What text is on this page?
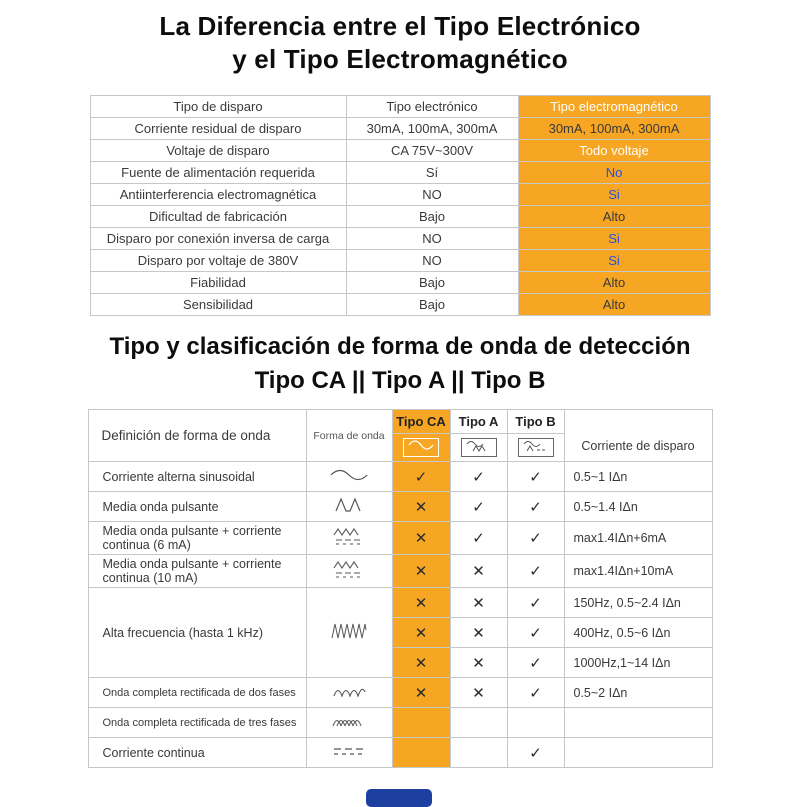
La Diferencia entre el Tipo Electrónico
y el Tipo Electromagnético
Tipo de disparo	Tipo electrónico	Tipo electromagnético
Corriente residual de disparo	30mA, 100mA, 300mA	30mA, 100mA, 300mA
Voltaje de disparo	CA 75V~300V	Todo voltaje
Fuente de alimentación requerida	Sí	No
Antiinterferencia electromagnética	NO	Si
Dificultad de fabricación	Bajo	Alto
Disparo por conexión inversa de carga	NO	Si
Disparo por voltaje de 380V	NO	Si
Fiabilidad	Bajo	Alto
Sensibilidad	Bajo	Alto
Tipo y clasificación de forma de onda de detección
Tipo CA || Tipo A || Tipo B
Definición de forma de onda	Forma de onda	Tipo CA	Tipo A	Tipo B	Corriente de disparo

Corriente alterna sinusoidal		✓	✓	✓	0.5~1 IΔn
Media onda pulsante		✕	✓	✓	0.5~1.4 IΔn
Media onda pulsante + corriente continua (6 mA)		✕	✓	✓	max1.4IΔn+6mA
Media onda pulsante + corriente continua (10 mA)		✕	✕	✓	max1.4IΔn+10mA
Alta frecuencia (hasta 1 kHz)		✕	✕	✓	150Hz, 0.5~2.4 IΔn
		✕	✕	✓	400Hz, 0.5~6 IΔn
		✕	✕	✓	1000Hz,1~14 IΔn
Onda completa rectificada de dos fases		✕	✕	✓	0.5~2 IΔn
Onda completa rectificada de tres fases					
Corriente continua				✓	
